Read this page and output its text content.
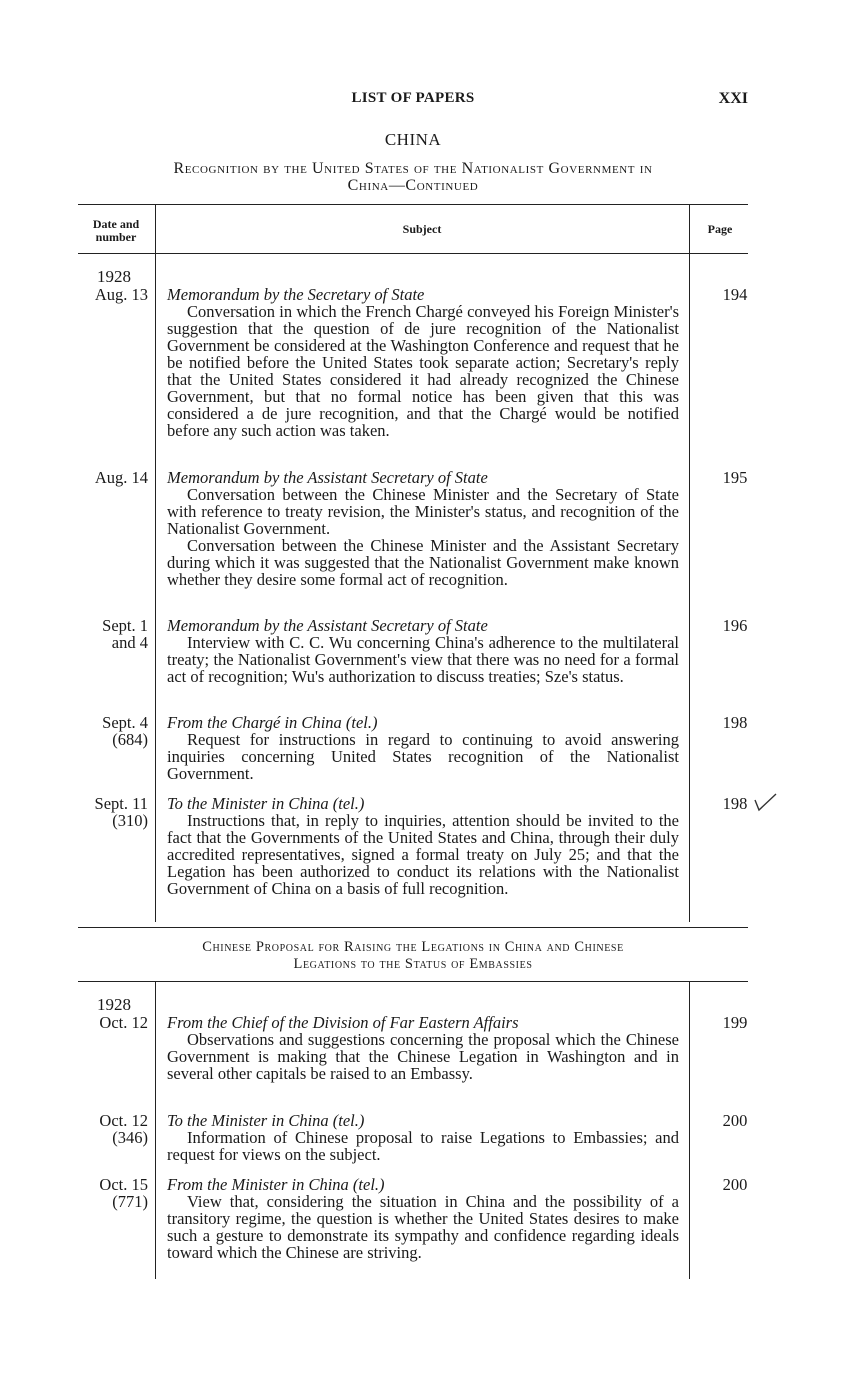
LIST OF PAPERS	XXI
CHINA
Recognition by the United States of the Nationalist Government in
China—Continued
Date and
number
Subject	Page
1928
Aug. 13 Memorandum by the Secretary of State

Conversation in which the French Chargé conveyed his Foreign Minister's suggestion that the question of de jure recognition of the Nationalist Government be considered at the Washington Conference and request that he be notified before the United States took separate action; Secretary's reply that the United States considered it had already recognized the Chinese Government, but that no formal notice has been given that this was considered a de jure recognition, and that the Chargé would be notified before any such action was taken.

194
Aug. 14 Memorandum by the Assistant Secretary of State

Conversation between the Chinese Minister and the Secretary of State with reference to treaty revision, the Minister's status, and recognition of the Nationalist Government.

Conversation between the Chinese Minister and the Assistant Secretary during which it was suggested that the Nationalist Government make known whether they desire some formal act of recognition.

195
Sept. 1
and 4
Memorandum by the Assistant Secretary of State

Interview with C. C. Wu concerning China's adherence to the multilateral treaty; the Nationalist Government's view that there was no need for a formal act of recognition; Wu's authorization to discuss treaties; Sze's status.

196
Sept. 4
(684)
From the Chargé in China (tel.)

Request for instructions in regard to continuing to avoid answering inquiries concerning United States recognition of the Nationalist Government.

198
Sept. 11
(310)
To the Minister in China (tel.)

Instructions that, in reply to inquiries, attention should be invited to the fact that the Governments of the United States and China, through their duly accredited representatives, signed a formal treaty on July 25; and that the Legation has been authorized to conduct its relations with the Nationalist Government of China on a basis of full recognition.

198
Chinese Proposal for Raising the Legations in China and Chinese
Legations to the Status of Embassies
1928
Oct. 12 From the Chief of the Division of Far Eastern Affairs

Observations and suggestions concerning the proposal which the Chinese Government is making that the Chinese Legation in Washington and in several other capitals be raised to an Embassy.

199
Oct. 12
(346)
To the Minister in China (tel.)

Information of Chinese proposal to raise Legations to Embassies; and request for views on the subject.

200
Oct. 15
(771)
From the Minister in China (tel.)

View that, considering the situation in China and the possibility of a transitory regime, the question is whether the United States desires to make such a gesture to demonstrate its sympathy and confidence regarding ideals toward which the Chinese are striving.

200
